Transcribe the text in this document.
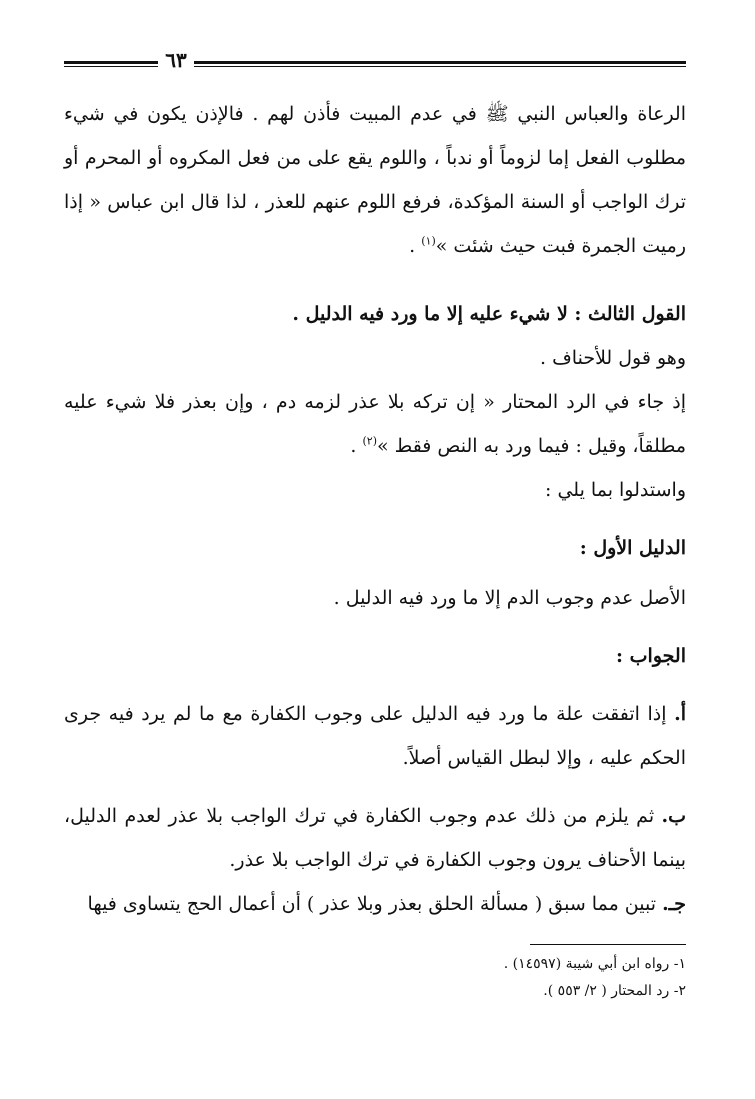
٦٣

الرعاة والعباس النبي ﷺ في عدم المبيت فأذن لهم . فالإذن يكون في شيء مطلوب الفعل إما لزوماً أو ندباً ، واللوم يقع على من فعل المكروه أو المحرم أو ترك الواجب أو السنة المؤكدة، فرفع اللوم عنهم للعذر ، لذا قال ابن عباس « إذا رميت الجمرة فبت حيث شئت »$^{(١)}$ .

القول الثالث : لا شيء عليه إلا ما ورد فيه الدليل .

وهو قول للأحناف .

إذ جاء في الرد المحتار « إن تركه بلا عذر لزمه دم ، وإن بعذر فلا شيء عليه مطلقاً، وقيل : فيما ورد به النص فقط »$^{(٢)}$ .

واستدلوا بما يلي :

الدليل الأول :

الأصل عدم وجوب الدم إلا ما ورد فيه الدليل .

الجواب :

أ. إذا اتفقت علة ما ورد فيه الدليل على وجوب الكفارة مع ما لم يرد فيه جرى الحكم عليه ، وإلا لبطل القياس أصلاً.

ب. ثم يلزم من ذلك عدم وجوب الكفارة في ترك الواجب بلا عذر لعدم الدليل، بينما الأحناف يرون وجوب الكفارة في ترك الواجب بلا عذر.

جـ. تبين مما سبق ( مسألة الحلق بعذر وبلا عذر ) أن أعمال الحج يتساوى فيها

١- رواه ابن أبي شيبة (١٤٥٩٧) .

٢- رد المحتار ( ٢/ ٥٥٣ ).
